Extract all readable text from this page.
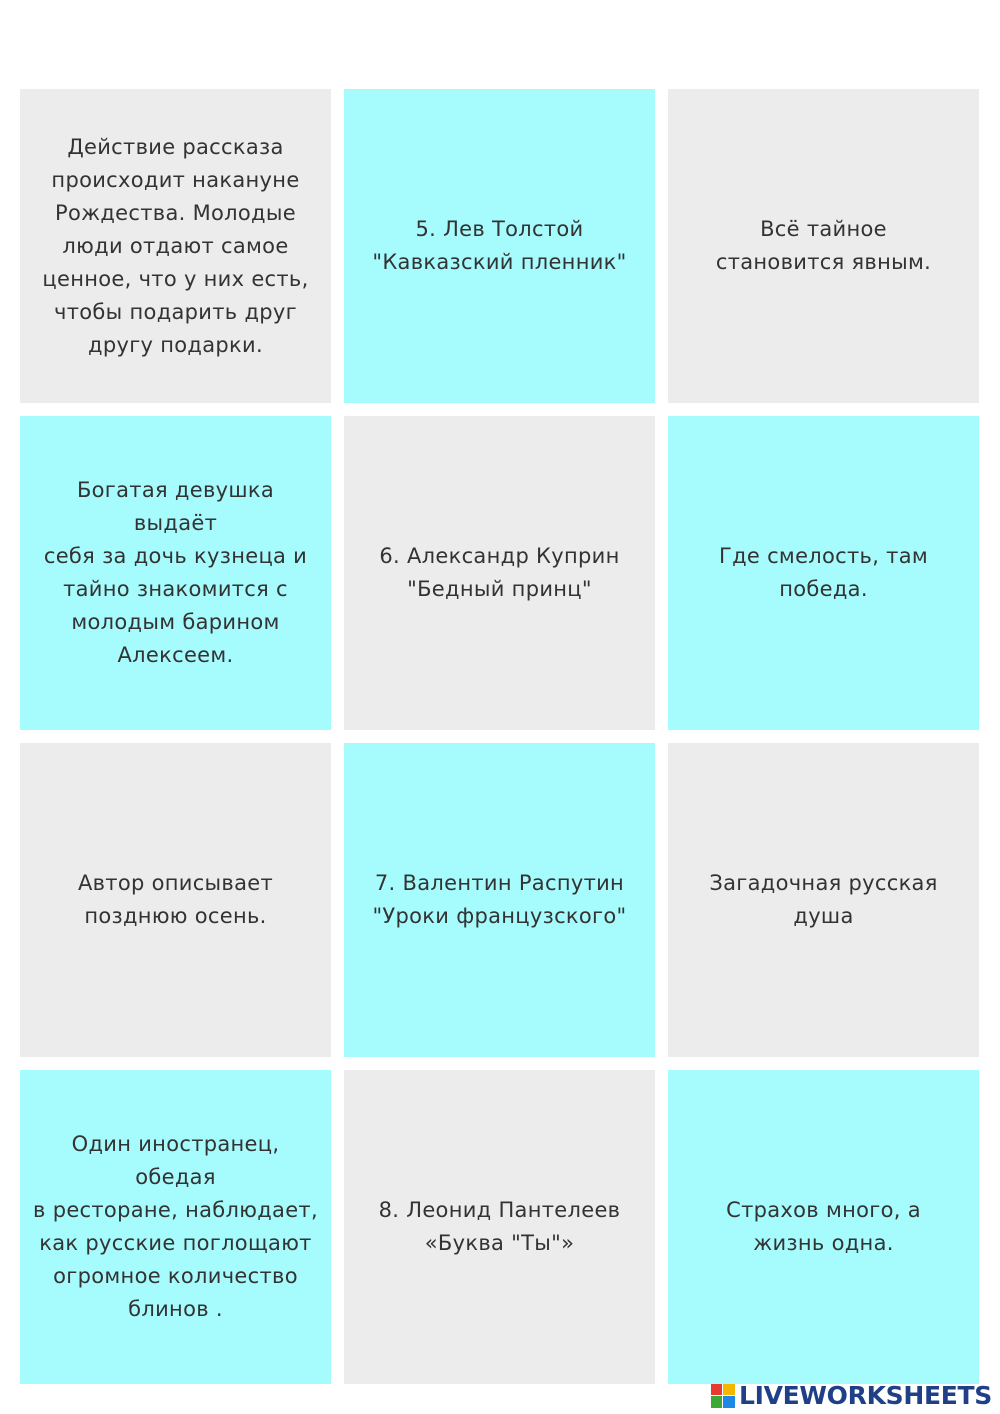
Действие рассказа
происходит накануне
Рождества. Молодые
люди отдают самое
ценное, что у них есть,
чтобы подарить друг
другу подарки.
5. Лев Толстой
"Кавказский пленник"
Всё тайное
становится явным.
Богатая девушка выдаёт
себя за дочь кузнеца и
тайно знакомится с
молодым барином
Алексеем.
6. Александр Куприн
"Бедный принц"
Где смелость, там
победа.
Автор описывает
позднюю осень.
7. Валентин Распутин
"Уроки французского"
Загадочная русская
душа
Один иностранец, обедая
в ресторане, наблюдает,
как русские поглощают
огромное количество
блинов .
8. Леонид Пантелеев
«Буква "Ты"»
Страхов много, а
жизнь одна.
LIVEWORKSHEETS
